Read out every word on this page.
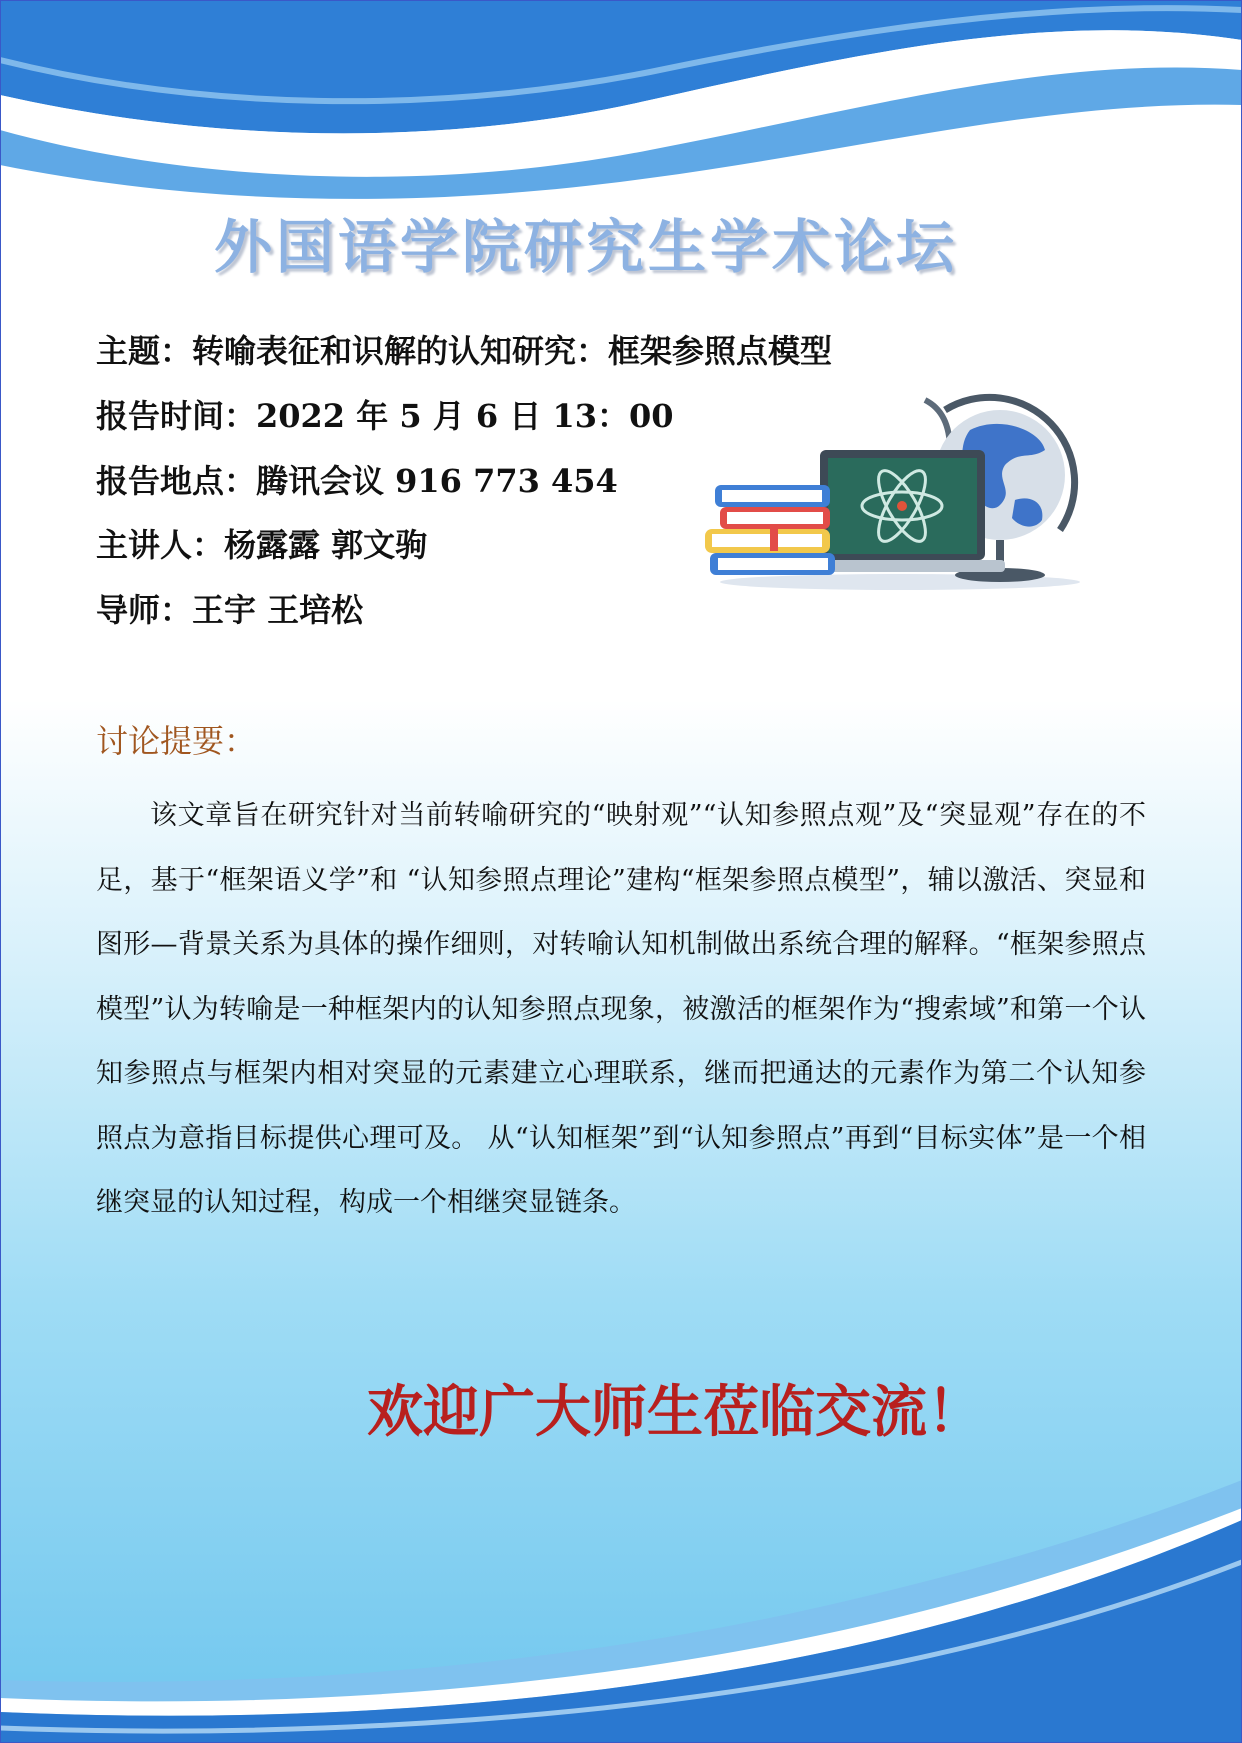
外国语学院研究生学术论坛
主题：转喻表征和识解的认知研究：框架参照点模型
报告时间：2022 年 5 月 6 日 13：00
报告地点：腾讯会议 916 773 454
主讲人：杨露露 郭文驹
导师：王宇 王培松
讨论提要：

该文章旨在研究针对当前转喻研究的“映射观”“认知参照点观”及“突显观”存在的不足，基于“框架语义学”和 “认知参照点理论”建构“框架参照点模型”，辅以激活、突显和图形—背景关系为具体的操作细则，对转喻认知机制做出系统合理的解释。“框架参照点模型”认为转喻是一种框架内的认知参照点现象，被激活的框架作为“搜索域”和第一个认知参照点与框架内相对突显的元素建立心理联系，继而把通达的元素作为第二个认知参照点为意指目标提供心理可及。 从“认知框架”到“认知参照点”再到“目标实体”是一个相继突显的认知过程，构成一个相继突显链条。

欢迎广大师生莅临交流！
